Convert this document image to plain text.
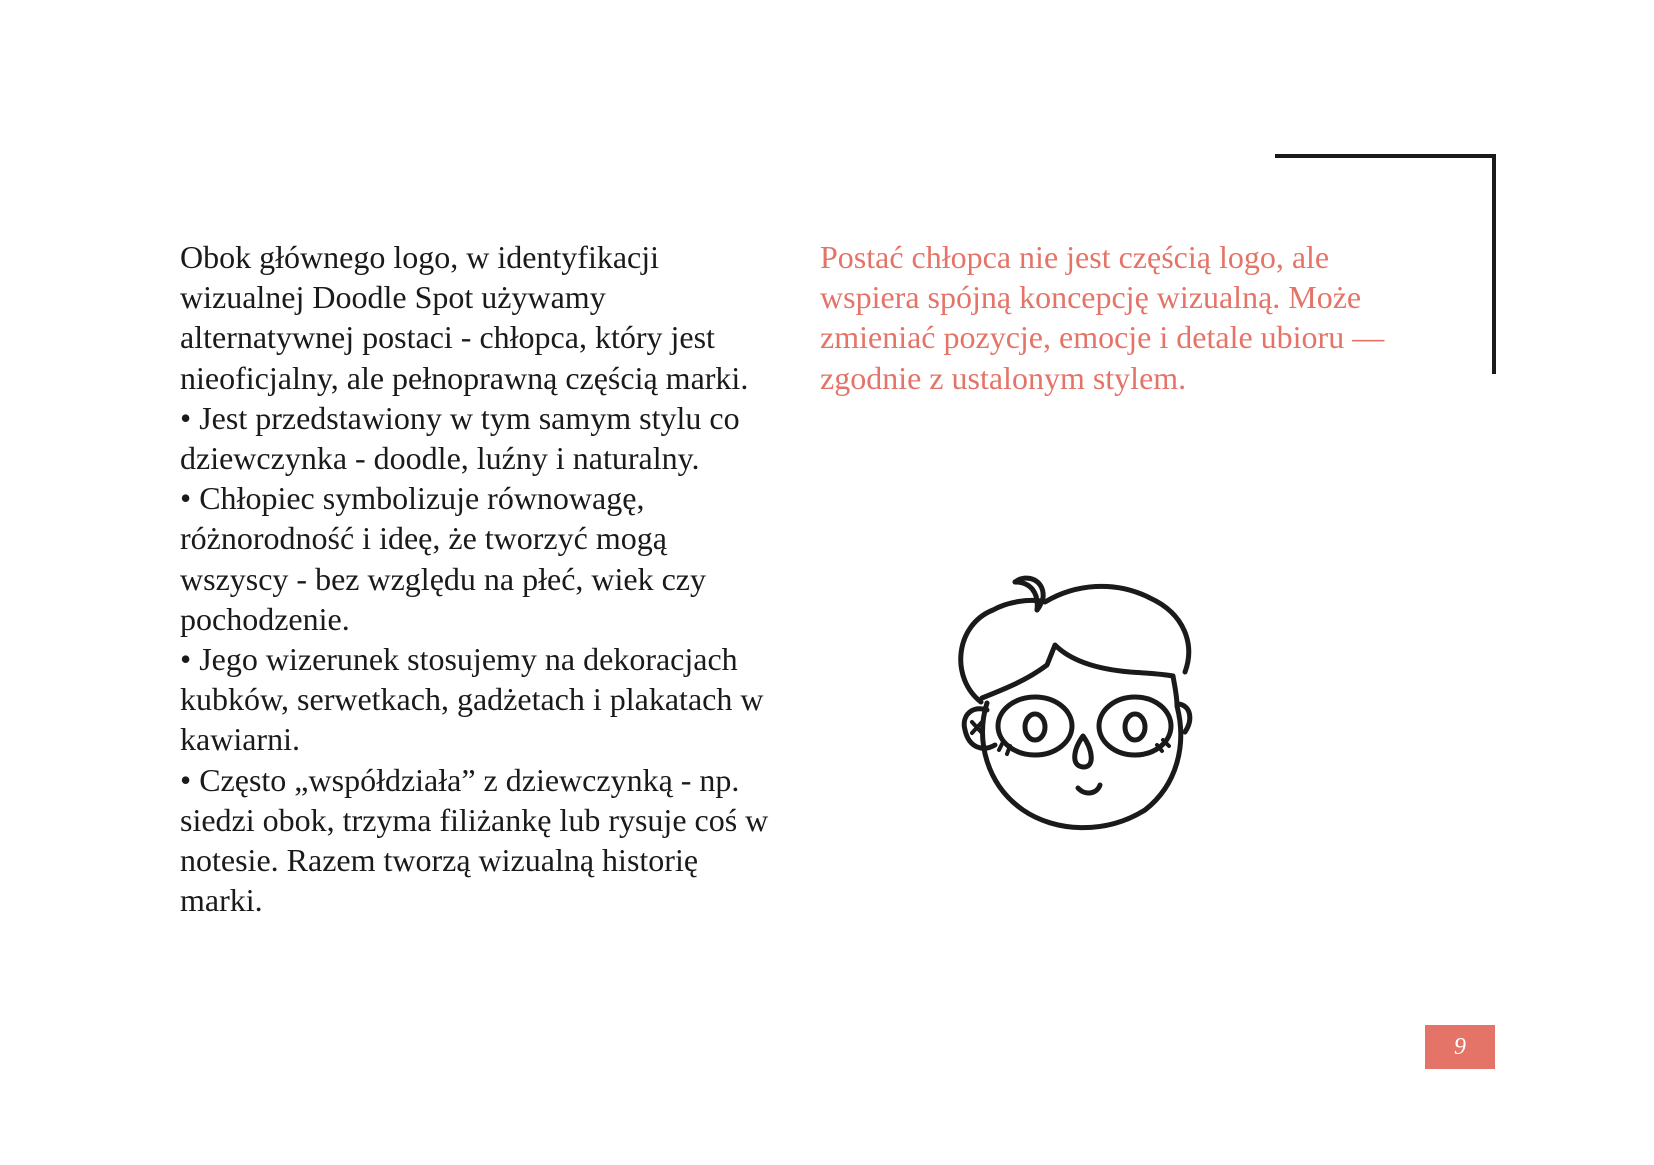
Obok głównego logo, w identyfikacji wizualnej Doodle Spot używamy alternatywnej postaci - chłopca, który jest nieoficjalny, ale pełnoprawną częścią marki.

• Jest przedstawiony w tym samym stylu co dziewczynka - doodle, luźny i naturalny.

• Chłopiec symbolizuje równowagę, różnorodność i ideę, że tworzyć mogą wszyscy - bez względu na płeć, wiek czy pochodzenie.

• Jego wizerunek stosujemy na dekoracjach kubków, serwetkach, gadżetach i plakatach w kawiarni.

• Często „współdziała” z dziewczynką - np. siedzi obok, trzyma filiżankę lub rysuje coś w notesie. Razem tworzą wizualną historię marki.

Postać chłopca nie jest częścią logo, ale wspiera spójną koncepcję wizualną. Może zmieniać pozycje, emocje i detale ubioru — zgodnie z ustalonym stylem.

9
